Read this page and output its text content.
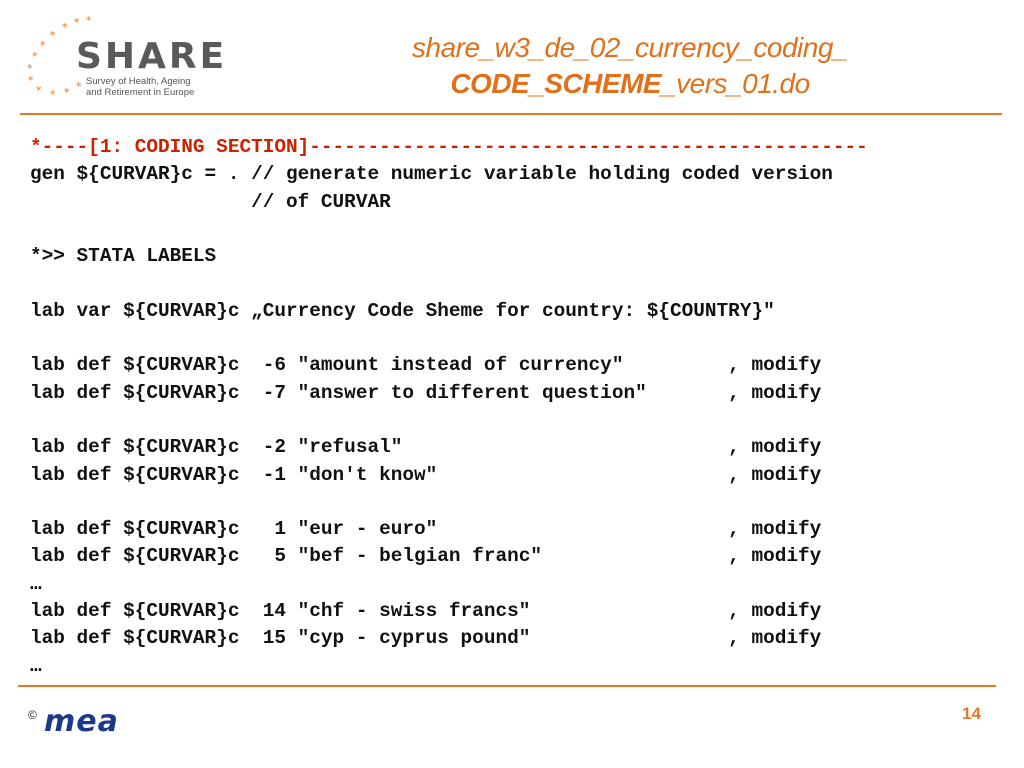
*
*
*
*
*
*
*
*
* * * *
SHARE
Survey of Health, Ageing
and Retirement in Europe
share_w3_de_02_currency_coding_
CODE_SCHEME_vers_01.do
*----[1: CODING SECTION]------------------------------------------------
gen ${CURVAR}c = . // generate numeric variable holding coded version
// of CURVAR
*>> STATA LABELS
lab var ${CURVAR}c „Currency Code Sheme for country: ${COUNTRY}"
lab def ${CURVAR}c  -6 "amount instead of currency"         , modify
lab def ${CURVAR}c  -7 "answer to different question"       , modify
lab def ${CURVAR}c  -2 "refusal"                            , modify
lab def ${CURVAR}c  -1 "don't know"                         , modify
lab def ${CURVAR}c   1 "eur - euro"                         , modify
lab def ${CURVAR}c   5 "bef - belgian franc"                , modify
…
lab def ${CURVAR}c  14 "chf - swiss francs"                 , modify
lab def ${CURVAR}c  15 "cyp - cyprus pound"                 , modify
…
© mea	14
